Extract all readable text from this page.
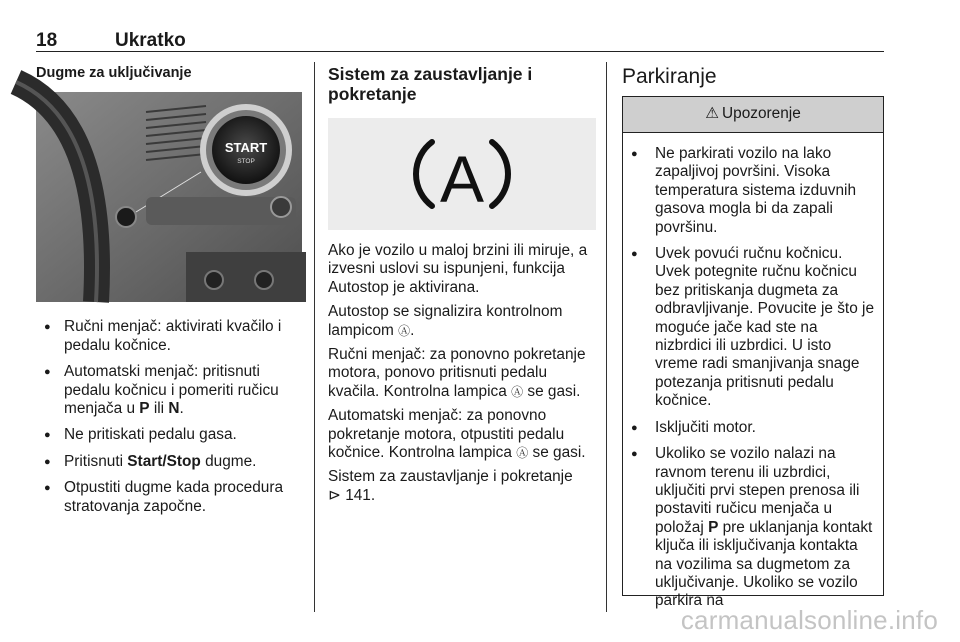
18	Ukratko
Dugme za uključivanje
START
STOP
● Ručni menjač: aktivirati kvačilo i pedalu kočnice.
● Automatski menjač: pritisnuti pedalu kočnicu i pomeriti ručicu menjača u P ili N.
● Ne pritiskati pedalu gasa.
● Pritisnuti Start/Stop dugme.
● Otpustiti dugme kada procedura stratovanja započne.
Sistem za zaustavljanje i pokretanje
A

Ako je vozilo u maloj brzini ili miruje, a izvesni uslovi su ispunjeni, funkcija Autostop je aktivirana.

Autostop se signalizira kontrolnom lampicom Ⓐ.

Ručni menjač: za ponovno pokretanje motora, ponovo pritisnuti pedalu kvačila. Kontrolna lampica Ⓐ se gasi.

Automatski menjač: za ponovno pokretanje motora, otpustiti pedalu kočnice. Kontrolna lampica Ⓐ se gasi.

Sistem za zaustavljanje i pokretanje
⊳ 141.

Parkiranje
⚠ Upozorenje
● Ne parkirati vozilo na lako zapaljivoj površini. Visoka temperatura sistema izduvnih gasova mogla bi da zapali površinu.
● Uvek povući ručnu kočnicu. Uvek potegnite ručnu kočnicu bez pritiskanja dugmeta za odbravljivanje. Povucite je što je moguće jače kad ste na nizbrdici ili uzbrdici. U isto vreme radi smanjivanja snage potezanja pritisnuti pedalu kočnice.
● Isključiti motor.
● Ukoliko se vozilo nalazi na ravnom terenu ili uzbrdici, uključiti prvi stepen prenosa ili postaviti ručicu menjača u položaj P pre uklanjanja kontakt ključa ili isključivanja kontakta na vozilima sa dugmetom za uključivanje. Ukoliko se vozilo parkira na
carmanualsonline.info
